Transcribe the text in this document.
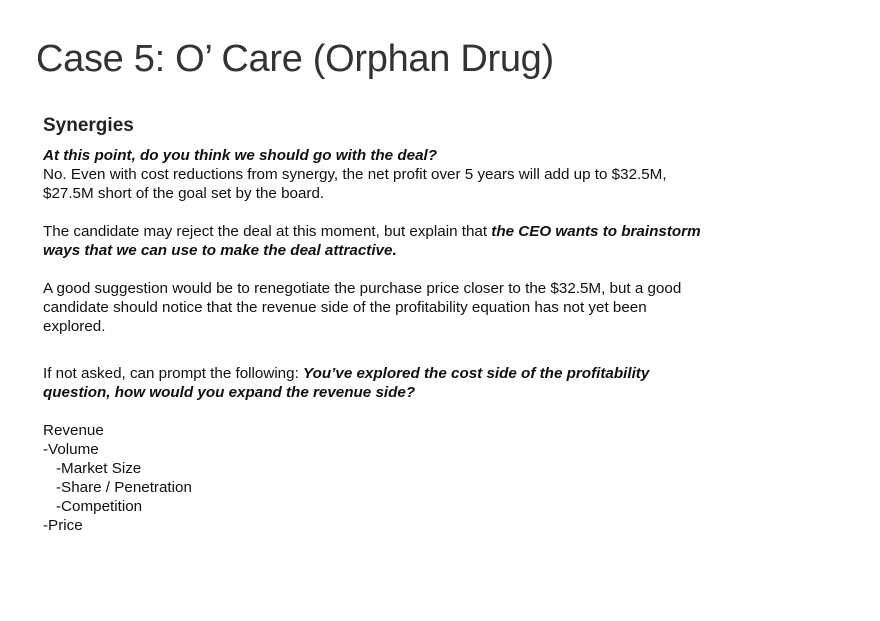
Case 5: O’ Care (Orphan Drug)
Synergies

At this point, do you think we should go with the deal?
No. Even with cost reductions from synergy, the net profit over 5 years will add up to $32.5M,
$27.5M short of the goal set by the board.

The candidate may reject the deal at this moment, but explain that the CEO wants to brainstorm
ways that we can use to make the deal attractive.

A good suggestion would be to renegotiate the purchase price closer to the $32.5M, but a good
candidate should notice that the revenue side of the profitability equation has not yet been
explored.

If not asked, can prompt the following: You’ve explored the cost side of the profitability
question, how would you expand the revenue side?

Revenue
-Volume
-Market Size
-Share / Penetration
-Competition
-Price
